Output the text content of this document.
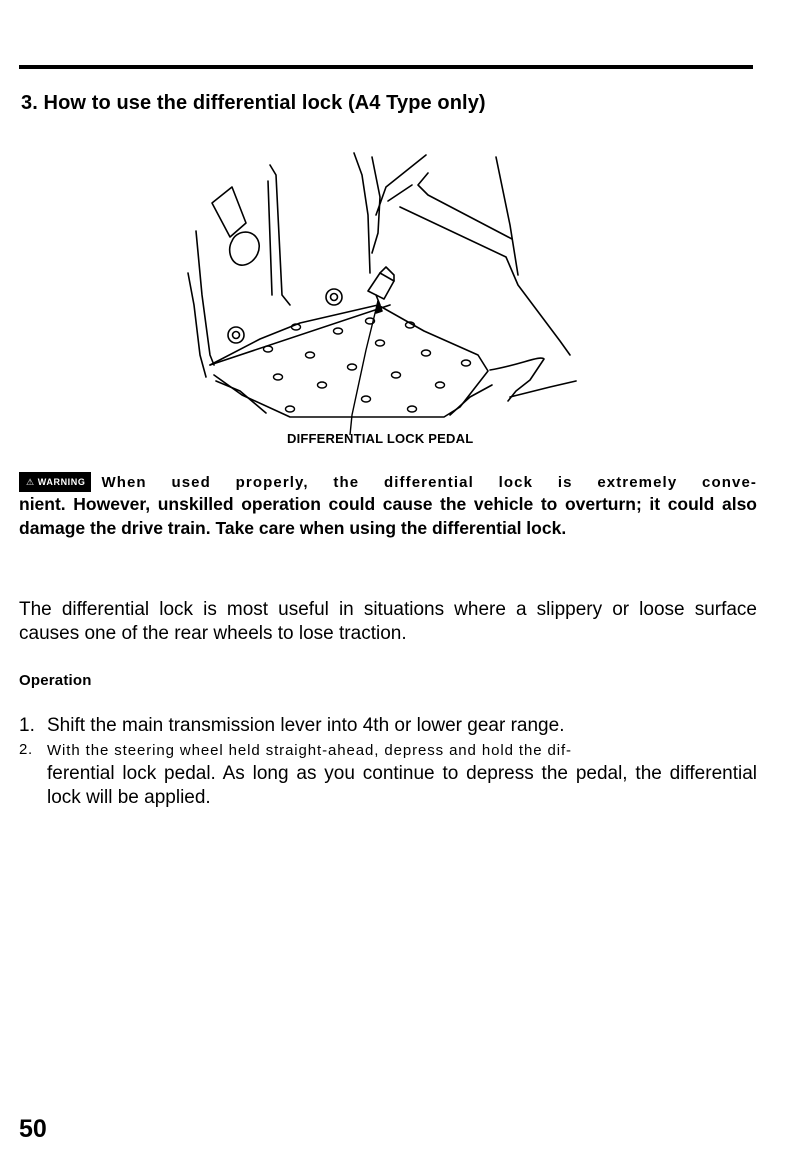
3. How to use the differential lock (A4 Type only)
DIFFERENTIAL LOCK PEDAL
⚠ WARNING When used properly, the differential lock is extremely conve-
nient. However, unskilled operation could cause the vehicle to overturn; it could also damage the drive train. Take care when using the differential lock.
The differential lock is most useful in situations where a slippery or loose surface causes one of the rear wheels to lose traction.
Operation
1. Shift the main transmission lever into 4th or lower gear range.
2. With the steering wheel held straight-ahead, depress and hold the dif-
ferential lock pedal. As long as you continue to depress the pedal, the differential lock will be applied.
50
